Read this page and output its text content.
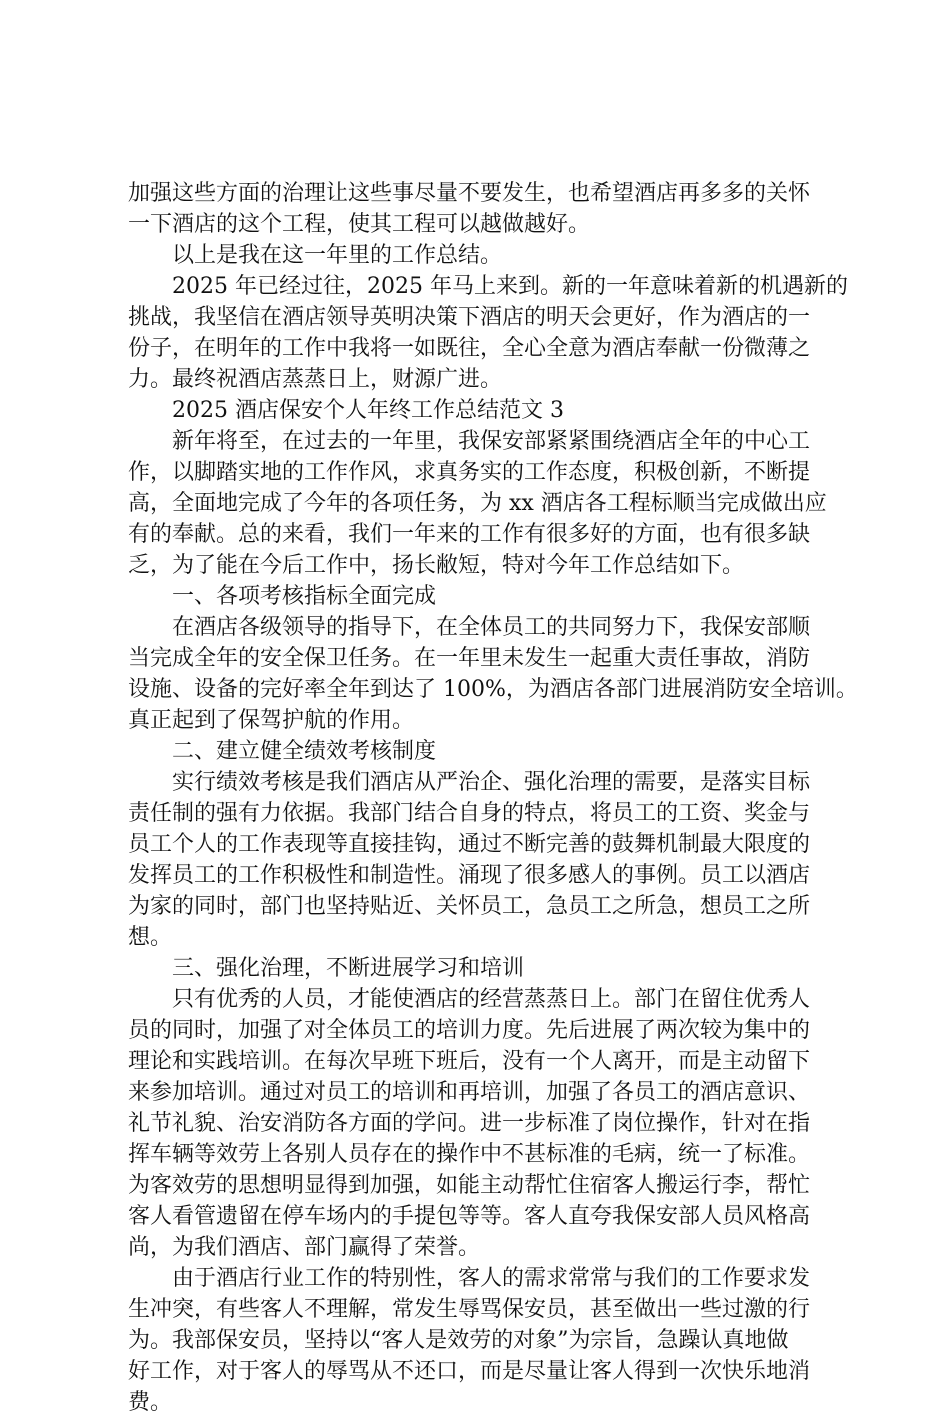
加强这些方面的治理让这些事尽量不要发生，也希望酒店再多多的关怀
一下酒店的这个工程，使其工程可以越做越好。
以上是我在这一年里的工作总结。
2025 年已经过往，2025 年马上来到。新的一年意味着新的机遇新的
挑战，我坚信在酒店领导英明决策下酒店的明天会更好，作为酒店的一
份子，在明年的工作中我将一如既往，全心全意为酒店奉献一份微薄之
力。最终祝酒店蒸蒸日上，财源广进。
2025 酒店保安个人年终工作总结范文 3
新年将至，在过去的一年里，我保安部紧紧围绕酒店全年的中心工
作，以脚踏实地的工作作风，求真务实的工作态度，积极创新，不断提
高，全面地完成了今年的各项任务，为 xx 酒店各工程标顺当完成做出应
有的奉献。总的来看，我们一年来的工作有很多好的方面，也有很多缺
乏，为了能在今后工作中，扬长敝短，特对今年工作总结如下。
一、各项考核指标全面完成
在酒店各级领导的指导下，在全体员工的共同努力下，我保安部顺
当完成全年的安全保卫任务。在一年里未发生一起重大责任事故，消防
设施、设备的完好率全年到达了 100%，为酒店各部门进展消防安全培训。
真正起到了保驾护航的作用。
二、建立健全绩效考核制度
实行绩效考核是我们酒店从严治企、强化治理的需要，是落实目标
责任制的强有力依据。我部门结合自身的特点，将员工的工资、奖金与
员工个人的工作表现等直接挂钩，通过不断完善的鼓舞机制最大限度的
发挥员工的工作积极性和制造性。涌现了很多感人的事例。员工以酒店
为家的同时，部门也坚持贴近、关怀员工，急员工之所急，想员工之所
想。
三、强化治理，不断进展学习和培训
只有优秀的人员，才能使酒店的经营蒸蒸日上。部门在留住优秀人
员的同时，加强了对全体员工的培训力度。先后进展了两次较为集中的
理论和实践培训。在每次早班下班后，没有一个人离开，而是主动留下
来参加培训。通过对员工的培训和再培训，加强了各员工的酒店意识、
礼节礼貌、治安消防各方面的学问。进一步标准了岗位操作，针对在指
挥车辆等效劳上各别人员存在的操作中不甚标准的毛病，统一了标准。
为客效劳的思想明显得到加强，如能主动帮忙住宿客人搬运行李，帮忙
客人看管遗留在停车场内的手提包等等。客人直夸我保安部人员风格高
尚，为我们酒店、部门赢得了荣誉。
由于酒店行业工作的特别性，客人的需求常常与我们的工作要求发
生冲突，有些客人不理解，常发生辱骂保安员，甚至做出一些过激的行
为。我部保安员，坚持以“客人是效劳的对象”为宗旨，急躁认真地做
好工作，对于客人的辱骂从不还口，而是尽量让客人得到一次快乐地消
费。
